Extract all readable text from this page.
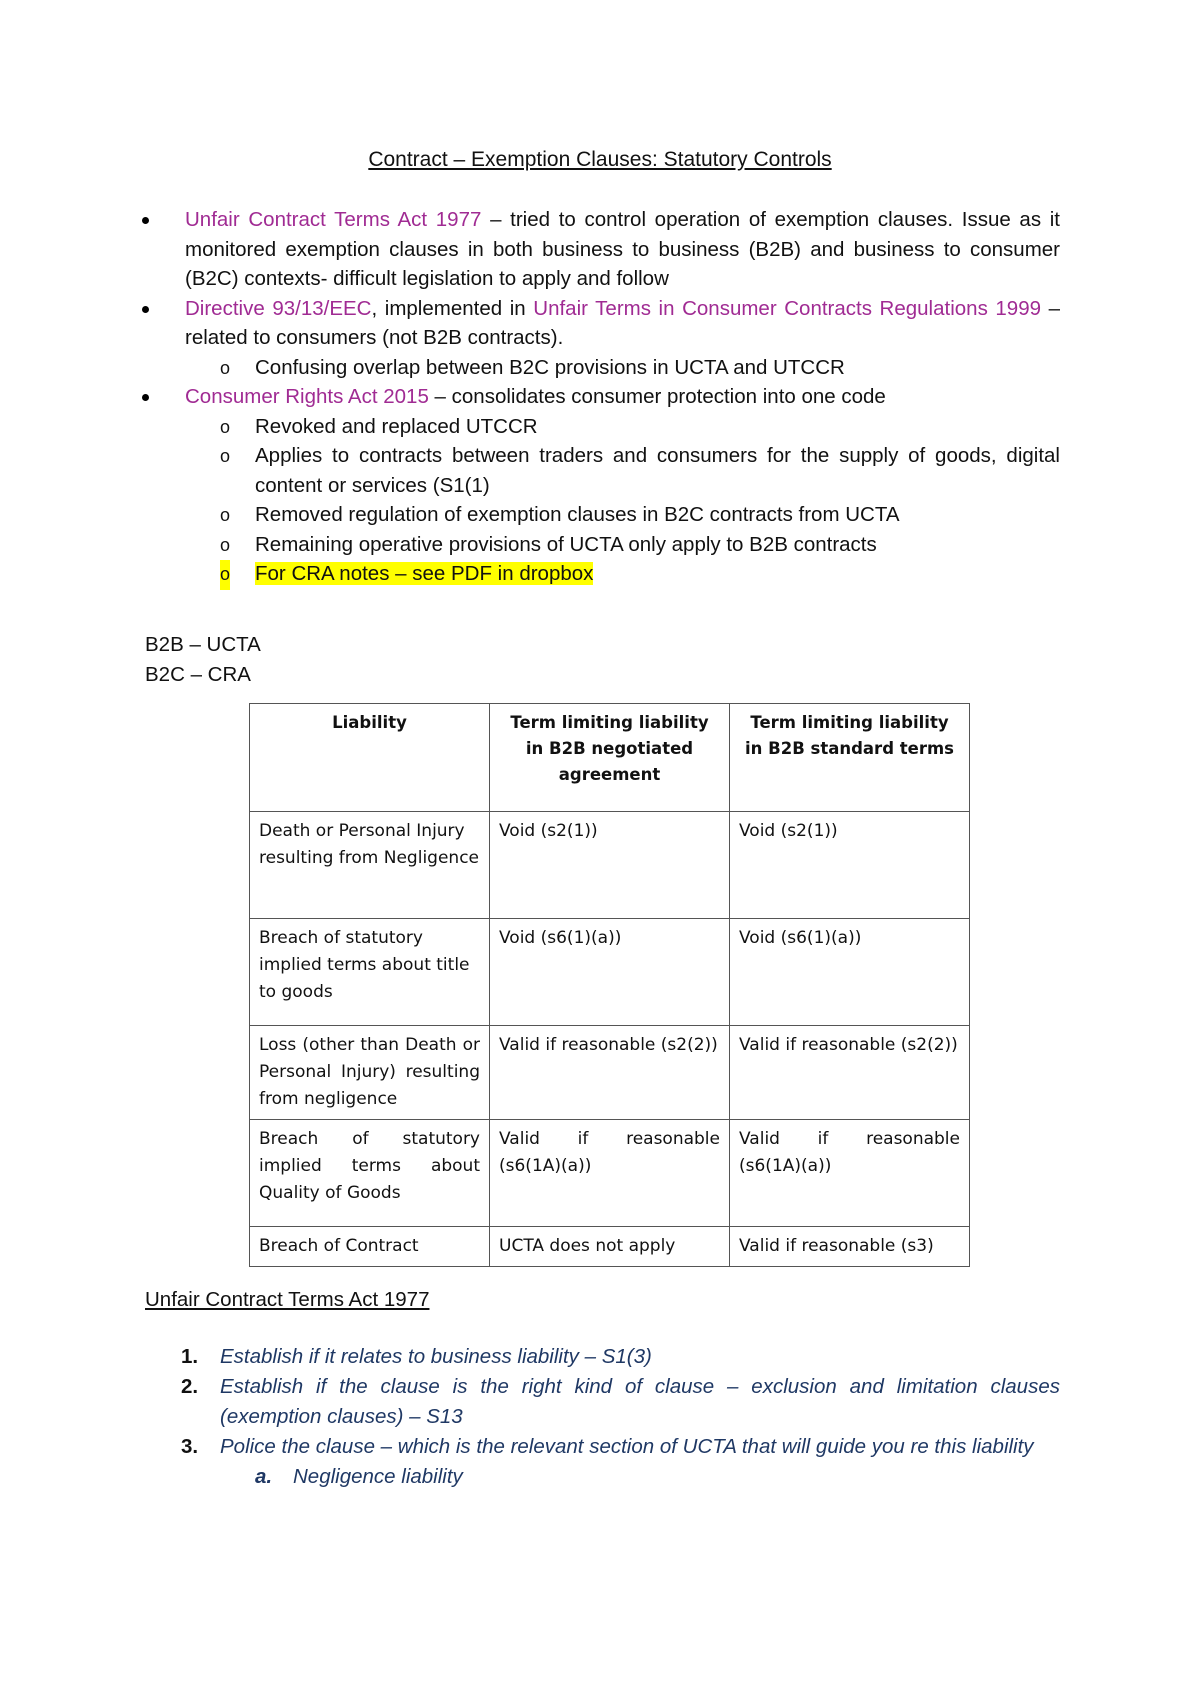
Contract – Exemption Clauses: Statutory Controls
Unfair Contract Terms Act 1977 – tried to control operation of exemption clauses. Issue as it monitored exemption clauses in both business to business (B2B) and business to consumer (B2C) contexts- difficult legislation to apply and follow
Directive 93/13/EEC, implemented in Unfair Terms in Consumer Contracts Regulations 1999 – related to consumers (not B2B contracts).
o Confusing overlap between B2C provisions in UCTA and UTCCR
Consumer Rights Act 2015 – consolidates consumer protection into one code
o Revoked and replaced UTCCR
o Applies to contracts between traders and consumers for the supply of goods, digital content or services (S1(1)
o Removed regulation of exemption clauses in B2C contracts from UCTA
o Remaining operative provisions of UCTA only apply to B2B contracts
o For CRA notes – see PDF in dropbox
B2B – UCTA
B2C – CRA
Liability	Term limiting liability in B2B negotiated agreement	Term limiting liability in B2B standard terms
Death or Personal Injury resulting from Negligence	Void (s2(1))	Void (s2(1))
Breach of statutory implied terms about title to goods	Void (s6(1)(a))	Void (s6(1)(a))
Loss (other than Death or Personal Injury) resulting from negligence	Valid if reasonable (s2(2))	Valid if reasonable (s2(2))
Breach of statutory implied terms about Quality of Goods	Valid if reasonable (s6(1A)(a))	Valid if reasonable (s6(1A)(a))
Breach of Contract	UCTA does not apply	Valid if reasonable (s3)
Unfair Contract Terms Act 1977
1. Establish if it relates to business liability – S1(3)
2. Establish if the clause is the right kind of clause – exclusion and limitation clauses (exemption clauses) – S13
3. Police the clause – which is the relevant section of UCTA that will guide you re this liability
a. Negligence liability
